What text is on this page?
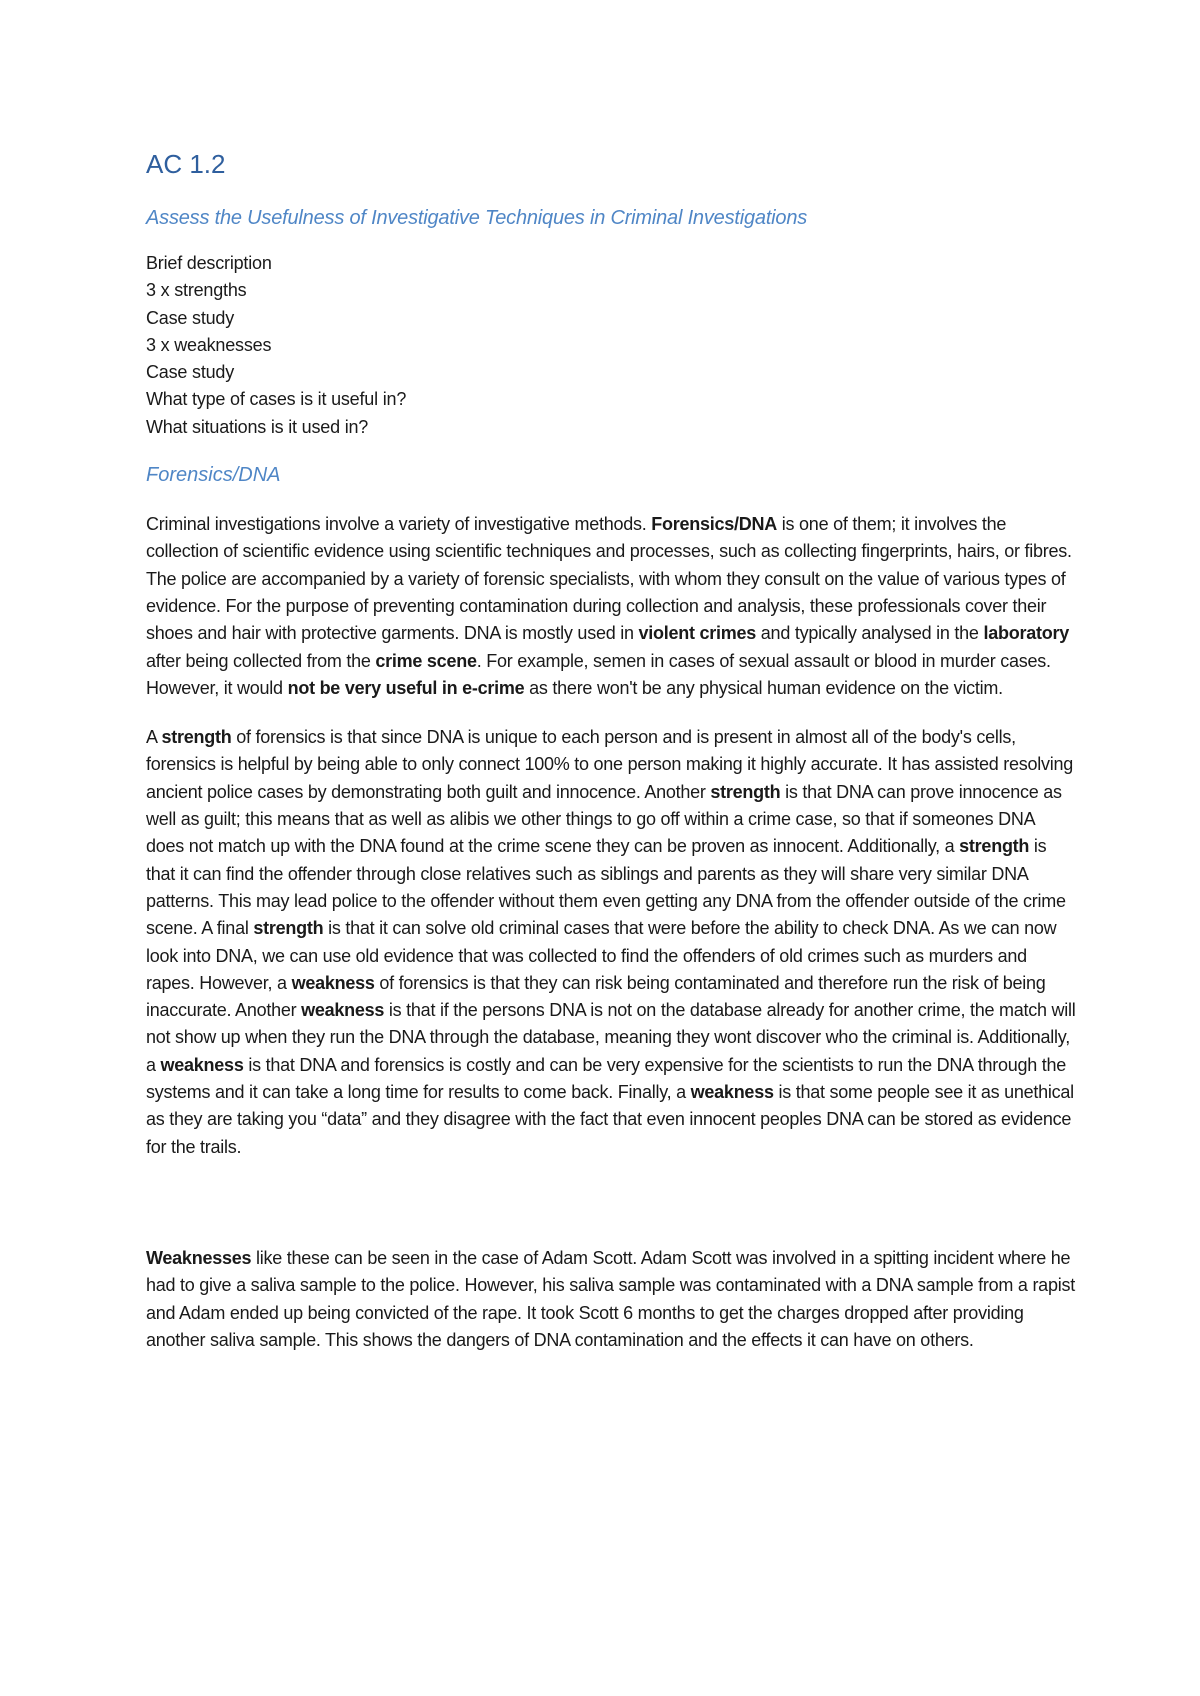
AC 1.2
Assess the Usefulness of Investigative Techniques in Criminal Investigations
Brief description
3 x strengths
Case study
3 x weaknesses
Case study
What type of cases is it useful in?
What situations is it used in?
Forensics/DNA

Criminal investigations involve a variety of investigative methods. Forensics/DNA is one of them; it involves the collection of scientific evidence using scientific techniques and processes, such as collecting fingerprints, hairs, or fibres. The police are accompanied by a variety of forensic specialists, with whom they consult on the value of various types of evidence. For the purpose of preventing contamination during collection and analysis, these professionals cover their shoes and hair with protective garments. DNA is mostly used in violent crimes and typically analysed in the laboratory after being collected from the crime scene. For example, semen in cases of sexual assault or blood in murder cases. However, it would not be very useful in e-crime as there won't be any physical human evidence on the victim.

A strength of forensics is that since DNA is unique to each person and is present in almost all of the body's cells, forensics is helpful by being able to only connect 100% to one person making it highly accurate. It has assisted resolving ancient police cases by demonstrating both guilt and innocence. Another strength is that DNA can prove innocence as well as guilt; this means that as well as alibis we other things to go off within a crime case, so that if someones DNA does not match up with the DNA found at the crime scene they can be proven as innocent. Additionally, a strength is that it can find the offender through close relatives such as siblings and parents as they will share very similar DNA patterns. This may lead police to the offender without them even getting any DNA from the offender outside of the crime scene. A final strength is that it can solve old criminal cases that were before the ability to check DNA. As we can now look into DNA, we can use old evidence that was collected to find the offenders of old crimes such as murders and rapes. However, a weakness of forensics is that they can risk being contaminated and therefore run the risk of being inaccurate. Another weakness is that if the persons DNA is not on the database already for another crime, the match will not show up when they run the DNA through the database, meaning they wont discover who the criminal is. Additionally, a weakness is that DNA and forensics is costly and can be very expensive for the scientists to run the DNA through the systems and it can take a long time for results to come back. Finally, a weakness is that some people see it as unethical as they are taking you “data” and they disagree with the fact that even innocent peoples DNA can be stored as evidence for the trails.

Weaknesses like these can be seen in the case of Adam Scott. Adam Scott was involved in a spitting incident where he had to give a saliva sample to the police. However, his saliva sample was contaminated with a DNA sample from a rapist and Adam ended up being convicted of the rape. It took Scott 6 months to get the charges dropped after providing another saliva sample. This shows the dangers of DNA contamination and the effects it can have on others.
